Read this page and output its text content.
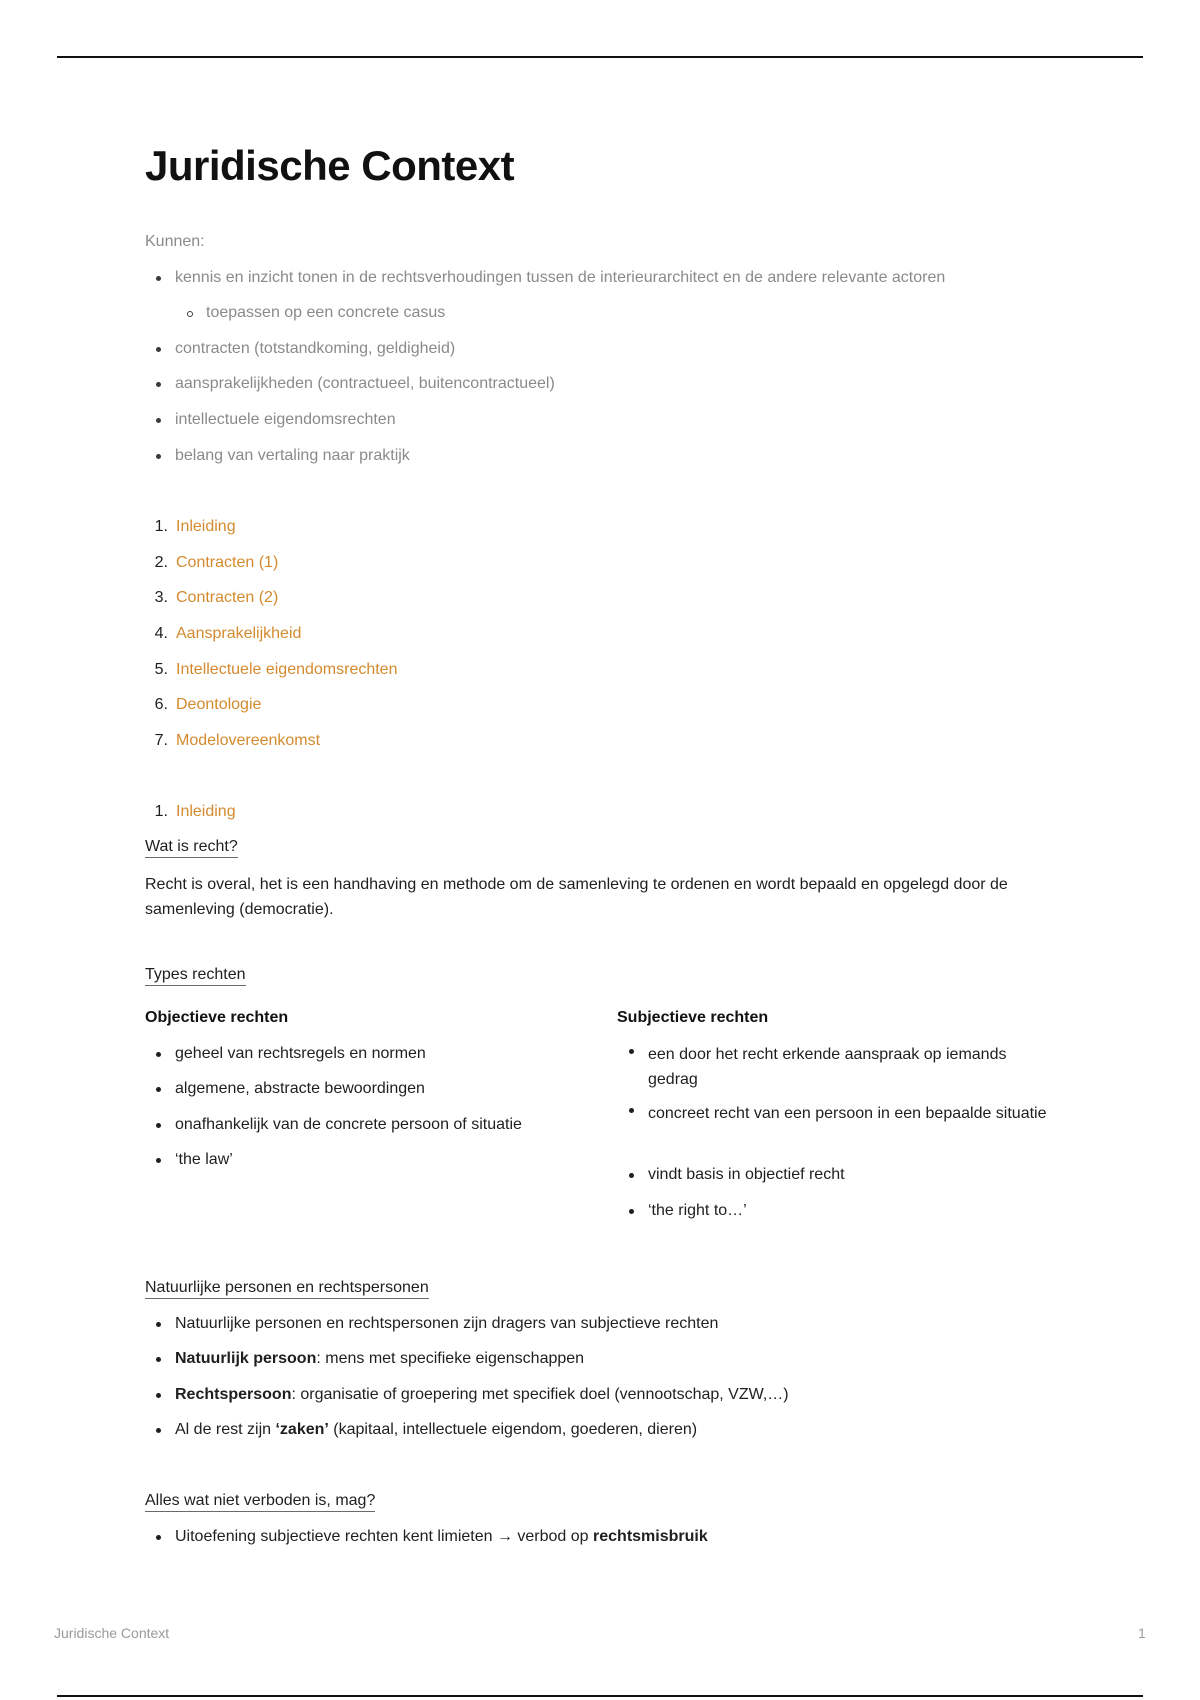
Juridische Context
Kunnen:
kennis en inzicht tonen in de rechtsverhoudingen tussen de interieurarchitect en de andere relevante actoren
toepassen op een concrete casus
contracten (totstandkoming, geldigheid)
aansprakelijkheden (contractueel, buitencontractueel)
intellectuele eigendomsrechten
belang van vertaling naar praktijk
1. Inleiding
2. Contracten (1)
3. Contracten (2)
4. Aansprakelijkheid
5. Intellectuele eigendomsrechten
6. Deontologie
7. Modelovereenkomst
1. Inleiding
Wat is recht?
Recht is overal, het is een handhaving en methode om de samenleving te ordenen en wordt bepaald en opgelegd door de samenleving (democratie).
Types rechten
Objectieve rechten
geheel van rechtsregels en normen
algemene, abstracte bewoordingen
onafhankelijk van de concrete persoon of situatie
‘the law’
Subjectieve rechten
een door het recht erkende aanspraak op iemands gedrag
concreet recht van een persoon in een bepaalde situatie
vindt basis in objectief recht
‘the right to…’
Natuurlijke personen en rechtspersonen
Natuurlijke personen en rechtspersonen zijn dragers van subjectieve rechten
Natuurlijk persoon: mens met specifieke eigenschappen
Rechtspersoon: organisatie of groepering met specifiek doel (vennootschap, VZW,…)
Al de rest zijn ‘zaken’ (kapitaal, intellectuele eigendom, goederen, dieren)
Alles wat niet verboden is, mag?
Uitoefening subjectieve rechten kent limieten → verbod op rechtsmisbruik
Juridische Context	1
